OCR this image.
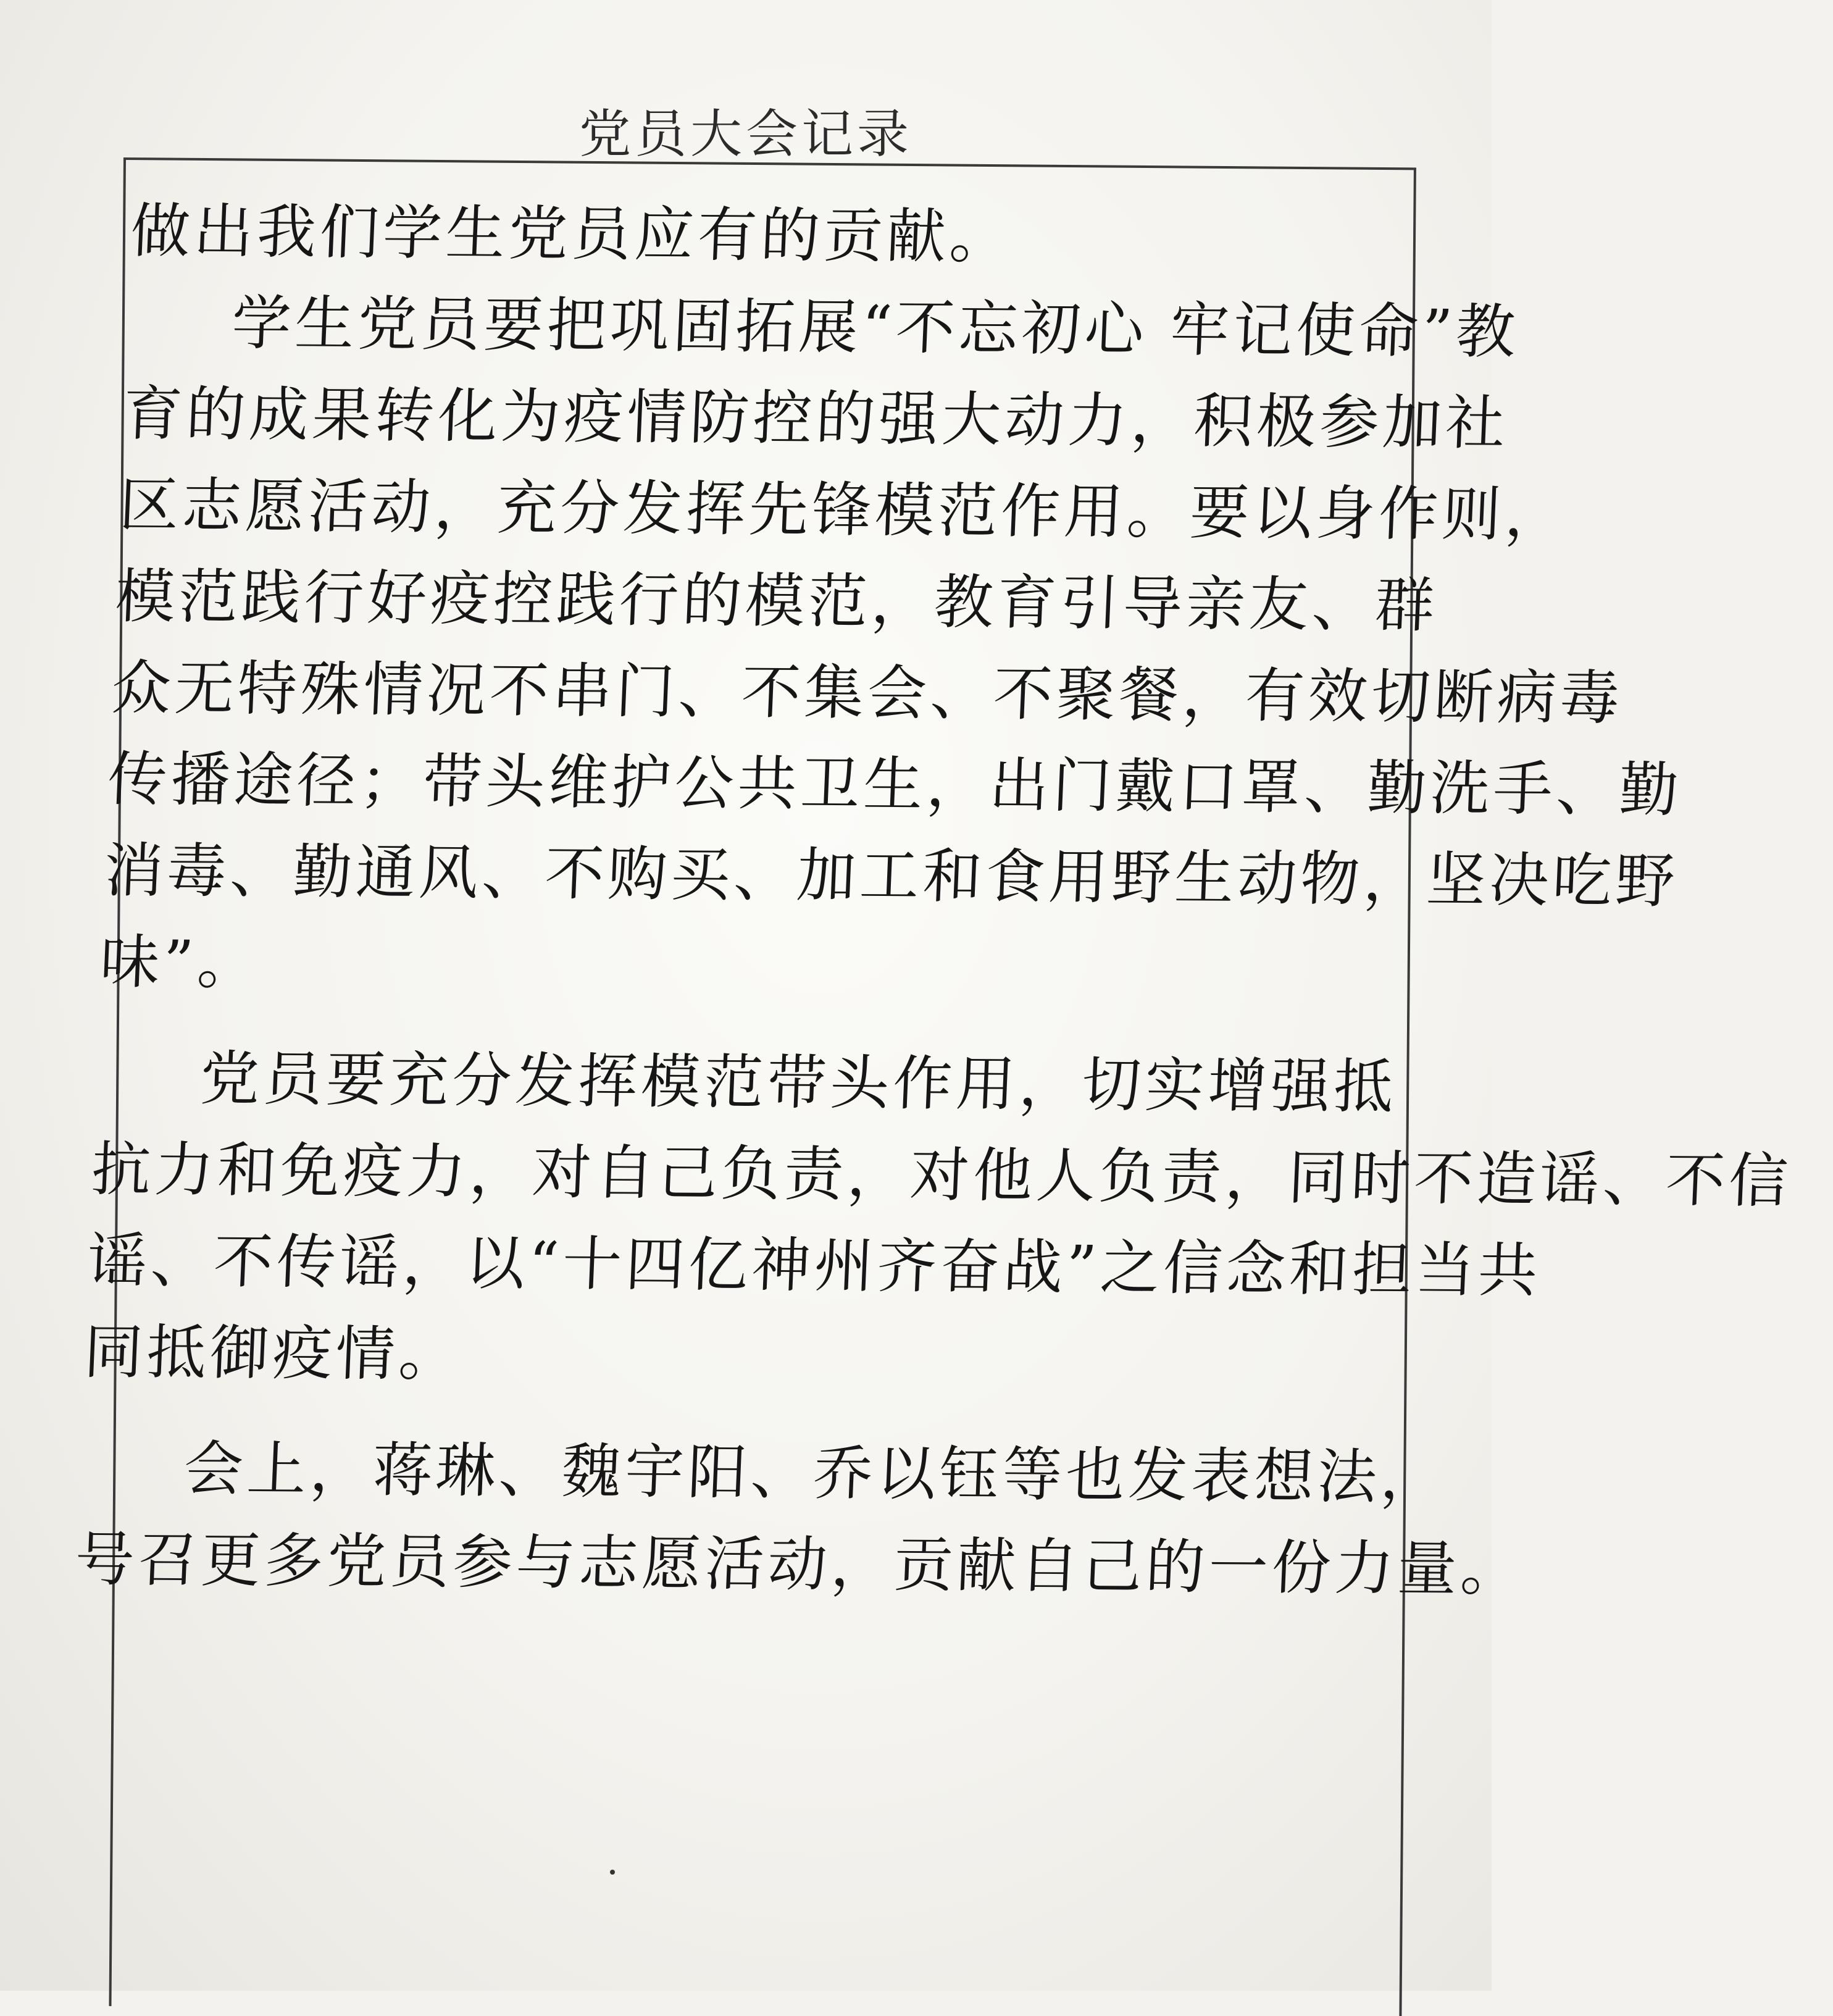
党员大会记录
做出我们学生党员应有的贡献。
学生党员要把巩固拓展“不忘初心 牢记使命”教
育的成果转化为疫情防控的强大动力，积极参加社
区志愿活动，充分发挥先锋模范作用。要以身作则，
模范践行好疫控践行的模范，教育引导亲友、群
众无特殊情况不串门、不集会、不聚餐，有效切断病毒
传播途径；带头维护公共卫生，出门戴口罩、勤洗手、勤
消毒、勤通风、不购买、加工和食用野生动物，坚决吃野
味”。
党员要充分发挥模范带头作用，切实增强抵
抗力和免疫力，对自己负责，对他人负责，同时不造谣、不信
谣、不传谣，以“十四亿神州齐奋战”之信念和担当共
同抵御疫情。
会上，蒋琳、魏宇阳、乔以钰等也发表想法，
号召更多党员参与志愿活动，贡献自己的一份力量。
